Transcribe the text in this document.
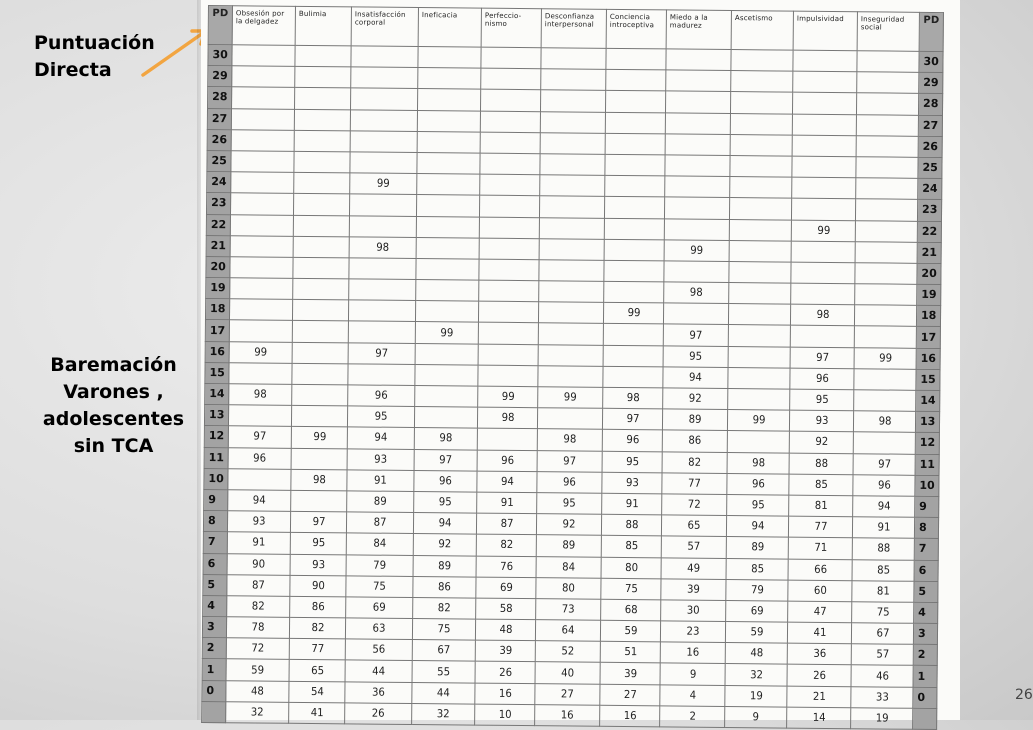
Puntuación
Directa
Baremación
Varones ,
adolescentes
sin TCA
PD	Obsesión por la delgadez	Bulimia	Insatisfacción corporal	Ineficacia	Perfeccio- nismo	Desconfianza interpersonal	Conciencia introceptiva	Miedo a la madurez	Ascetismo	Impulsividad	Inseguridad social	PD
30												30
29												29
28												28
27												27
26												26
25												25
24			99									24
23												23
22										99		22
21			98					99				21
20												20
19								98				19
18							99			98		18
17				99				97				17
16	99		97					95		97	99	16
15								94		96		15
14	98		96		99	99	98	92		95		14
13			95		98		97	89	99	93	98	13
12	97	99	94	98		98	96	86		92		12
11	96		93	97	96	97	95	82	98	88	97	11
10		98	91	96	94	96	93	77	96	85	96	10
9	94		89	95	91	95	91	72	95	81	94	9
8	93	97	87	94	87	92	88	65	94	77	91	8
7	91	95	84	92	82	89	85	57	89	71	88	7
6	90	93	79	89	76	84	80	49	85	66	85	6
5	87	90	75	86	69	80	75	39	79	60	81	5
4	82	86	69	82	58	73	68	30	69	47	75	4
3	78	82	63	75	48	64	59	23	59	41	67	3
2	72	77	56	67	39	52	51	16	48	36	57	2
1	59	65	44	55	26	40	39	9	32	26	46	1
0	48	54	36	44	16	27	27	4	19	21	33	0
	32	41	26	32	10	16	16	2	9	14	19	
26
